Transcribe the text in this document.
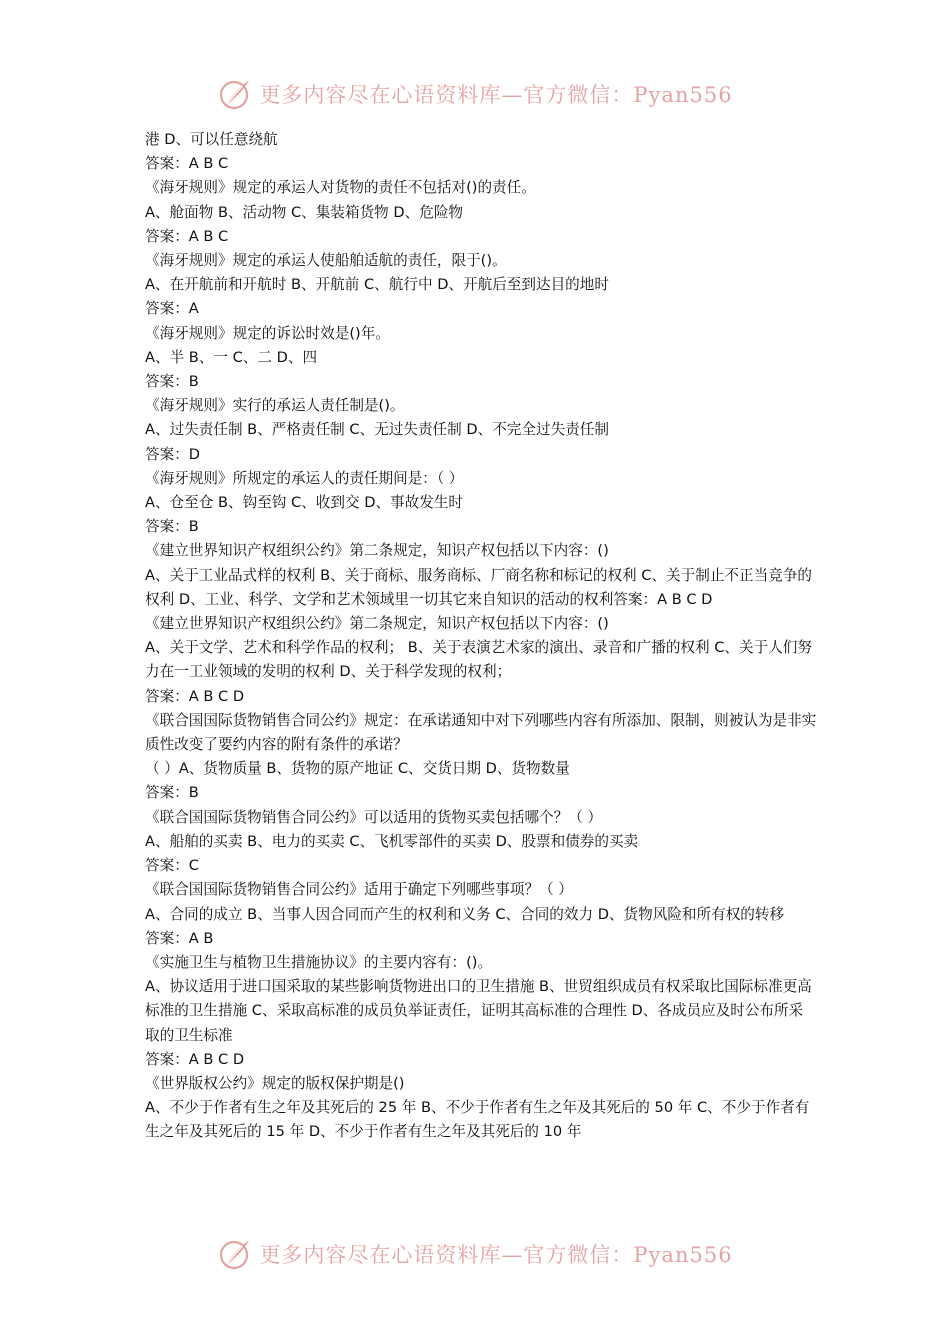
更多内容尽在心语资料库—官方微信：Pyan556

港 D、可以任意绕航

答案：A B C

《海牙规则》规定的承运人对货物的责任不包括对()的责任。

A、舱面物 B、活动物 C、集装箱货物 D、危险物

答案：A B C

《海牙规则》规定的承运人使船舶适航的责任，限于()。

A、在开航前和开航时 B、开航前 C、航行中 D、开航后至到达目的地时

答案：A

《海牙规则》规定的诉讼时效是()年。

A、半 B、一 C、二 D、四

答案：B

《海牙规则》实行的承运人责任制是()。

A、过失责任制 B、严格责任制 C、无过失责任制 D、不完全过失责任制

答案：D

《海牙规则》所规定的承运人的责任期间是：（ ）

A、仓至仓 B、钩至钩 C、收到交 D、事故发生时

答案：B

《建立世界知识产权组织公约》第二条规定，知识产权包括以下内容：()

A、关于工业品式样的权利 B、关于商标、服务商标、厂商名称和标记的权利 C、关于制止不正当竞争的权利 D、工业、科学、文学和艺术领域里一切其它来自知识的活动的权利答案：A B C D

《建立世界知识产权组织公约》第二条规定，知识产权包括以下内容：()

A、关于文学、艺术和科学作品的权利； B、关于表演艺术家的演出、录音和广播的权利 C、关于人们努力在一工业领域的发明的权利 D、关于科学发现的权利；

答案：A B C D

《联合国国际货物销售合同公约》规定：在承诺通知中对下列哪些内容有所添加、限制，则被认为是非实质性改变了要约内容的附有条件的承诺？

（ ）A、货物质量 B、货物的原产地证 C、交货日期 D、货物数量

答案：B

《联合国国际货物销售合同公约》可以适用的货物买卖包括哪个？（ ）

A、船舶的买卖 B、电力的买卖 C、飞机零部件的买卖 D、股票和债券的买卖

答案：C

《联合国国际货物销售合同公约》适用于确定下列哪些事项？（ ）

A、合同的成立 B、当事人因合同而产生的权利和义务 C、合同的效力 D、货物风险和所有权的转移

答案：A B

《实施卫生与植物卫生措施协议》的主要内容有：()。

A、协议适用于进口国采取的某些影响货物进出口的卫生措施 B、世贸组织成员有权采取比国际标准更高标准的卫生措施 C、采取高标准的成员负举证责任，证明其高标准的合理性 D、各成员应及时公布所采取的卫生标准

答案：A B C D

《世界版权公约》规定的版权保护期是()

A、不少于作者有生之年及其死后的 25 年 B、不少于作者有生之年及其死后的 50 年 C、不少于作者有生之年及其死后的 15 年 D、不少于作者有生之年及其死后的 10 年

更多内容尽在心语资料库—官方微信：Pyan556
